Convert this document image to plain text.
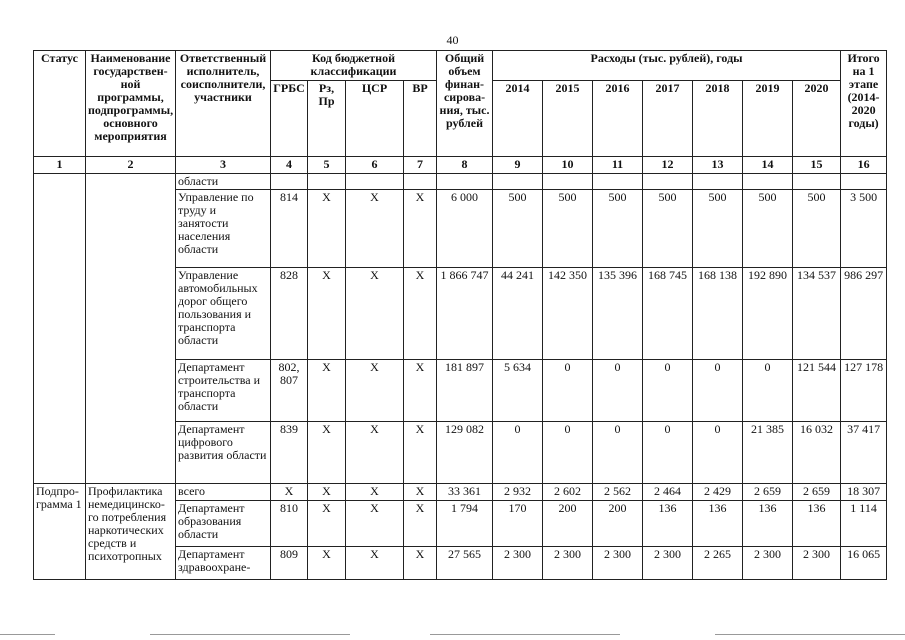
40
Статус	Наименование государствен-ной программы, подпрограммы, основного мероприятия	Ответственный исполнитель, соисполнители, участники	Код бюджетной классификации				Общий объем финан-сирова-ния, тыс. рублей	Расходы (тыс. рублей), годы							Итого на 1 этапе (2014-2020 годы)
			ГРБС	Рз, Пр	ЦСР	ВР		2014	2015	2016	2017	2018	2019	2020	
1	2	3	4	5	6	7	8	9	10	11	12	13	14	15	16
		области													
		Управление по труду и занятости населения области	814	X	X	X	6 000	500	500	500	500	500	500	500	3 500
		Управление автомобильных дорог общего пользования и транспорта области	828	X	X	X	1 866 747	44 241	142 350	135 396	168 745	168 138	192 890	134 537	986 297
		Департамент строительства и транспорта области	802, 807	X	X	X	181 897	5 634	0	0	0	0	0	121 544	127 178
		Департамент цифрового развития области	839	X	X	X	129 082	0	0	0	0	0	21 385	16 032	37 417
Подпро-грамма 1	Профилактика немедицинско-го потребления наркотических средств и психотропных	всего	X	X	X	X	33 361	2 932	2 602	2 562	2 464	2 429	2 659	2 659	18 307
		Департамент образования области	810	X	X	X	1 794	170	200	200	136	136	136	136	1 114
		Департамент здравоохране-	809	X	X	X	27 565	2 300	2 300	2 300	2 300	2 265	2 300	2 300	16 065
